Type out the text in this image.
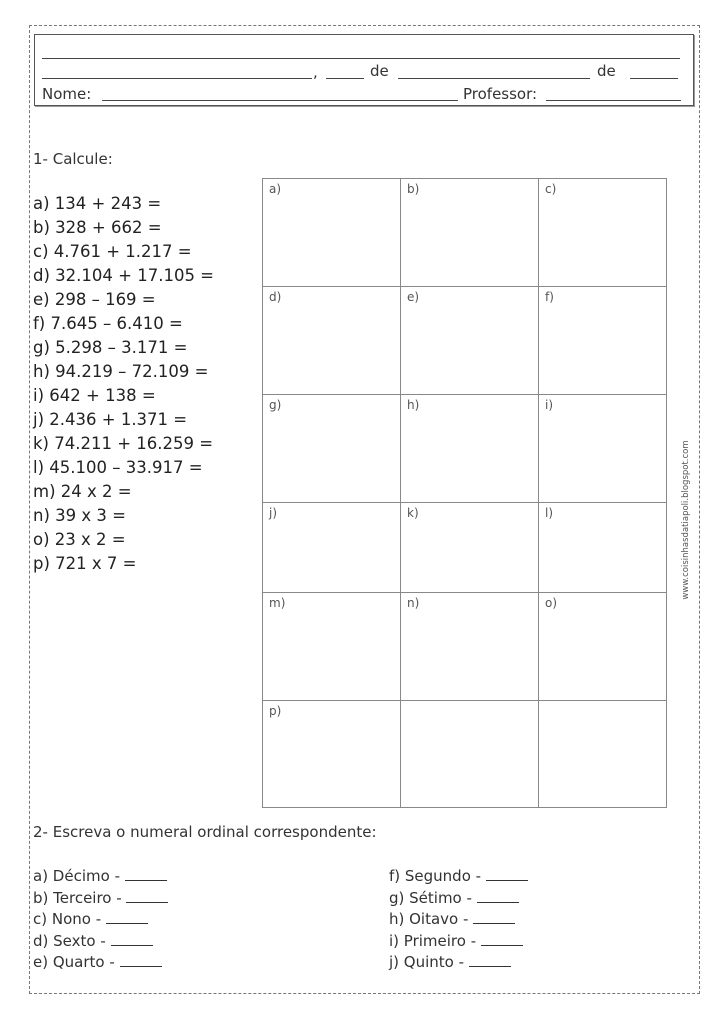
,	de	de
Nome:	Professor:
1- Calcule:
a) 134 + 243 =
b) 328 + 662 =
c) 4.761 + 1.217 =
d) 32.104 + 17.105 =
e) 298 – 169 =
f) 7.645 – 6.410 =
g) 5.298 – 3.171 =
h) 94.219 – 72.109 =
i) 642 + 138 =
j) 2.436 + 1.371 =
k) 74.211 + 16.259 =
l) 45.100 – 33.917 =
m) 24 x 2 =
n) 39 x 3 =
o) 23 x 2 =
p) 721 x 7 =
a)	b)	c)
d)	e)	f)
g)	h)	i)
j)	k)	l)
m)	n)	o)
p)
www.coisinhasdatiapoli.blogspot.com
2- Escreva o numeral ordinal correspondente:
a) Décimo -
b) Terceiro -
c) Nono -
d) Sexto -
e) Quarto -
f) Segundo -
g) Sétimo -
h) Oitavo -
i) Primeiro -
j) Quinto -
